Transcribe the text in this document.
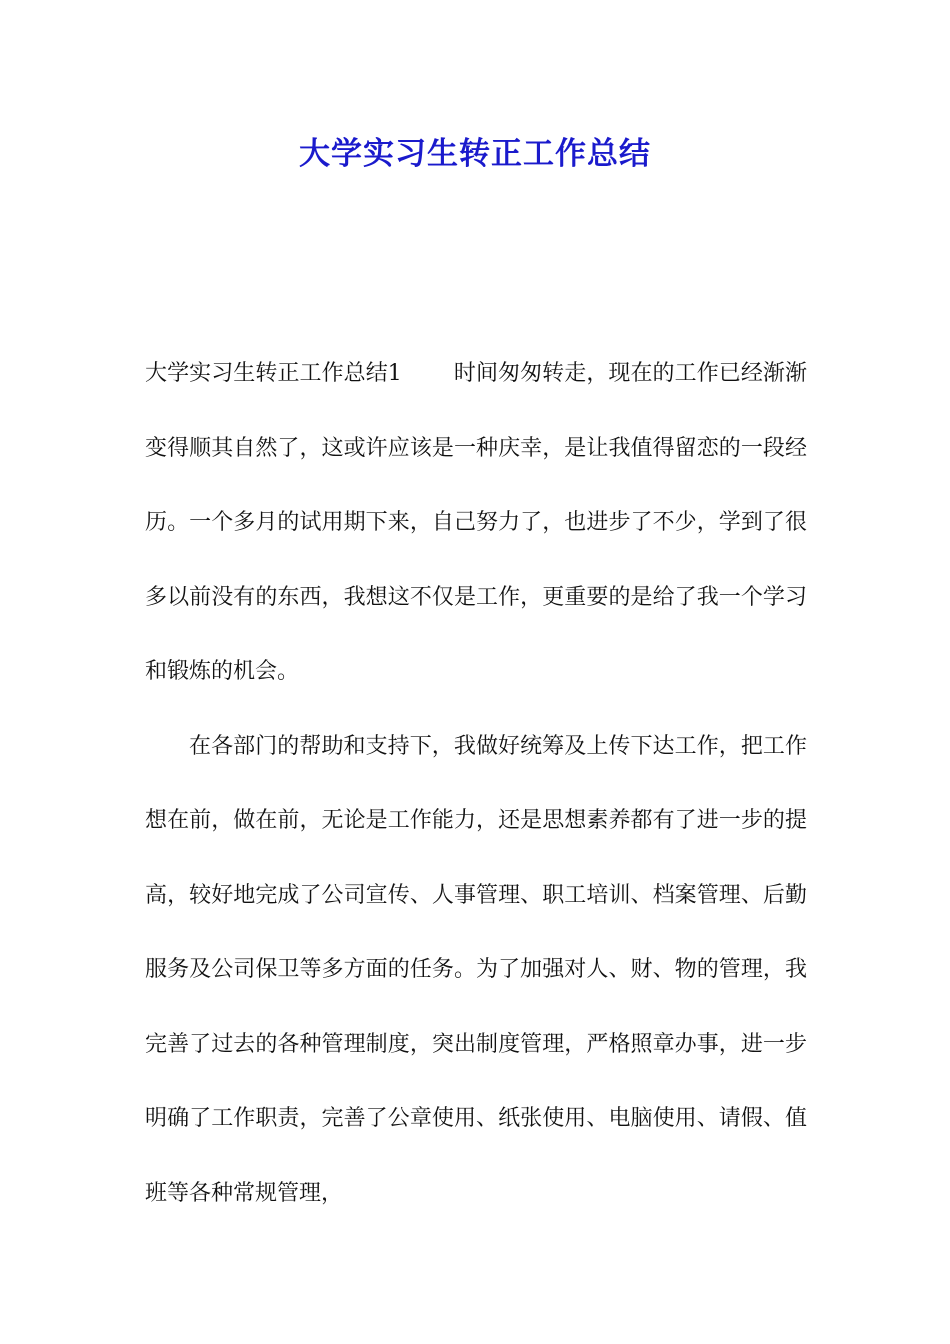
大学实习生转正工作总结

大学实习生转正工作总结1 时间匆匆转走，现在的工作已经渐渐变得顺其自然了，这或许应该是一种庆幸，是让我值得留恋的一段经历。一个多月的试用期下来，自己努力了，也进步了不少，学到了很多以前没有的东西，我想这不仅是工作，更重要的是给了我一个学习和锻炼的机会。

在各部门的帮助和支持下，我做好统筹及上传下达工作，把工作想在前，做在前，无论是工作能力，还是思想素养都有了进一步的提高，较好地完成了公司宣传、人事管理、职工培训、档案管理、后勤服务及公司保卫等多方面的任务。为了加强对人、财、物的管理，我完善了过去的各种管理制度，突出制度管理，严格照章办事，进一步明确了工作职责，完善了公章使用、纸张使用、电脑使用、请假、值班等各种常规管理，
